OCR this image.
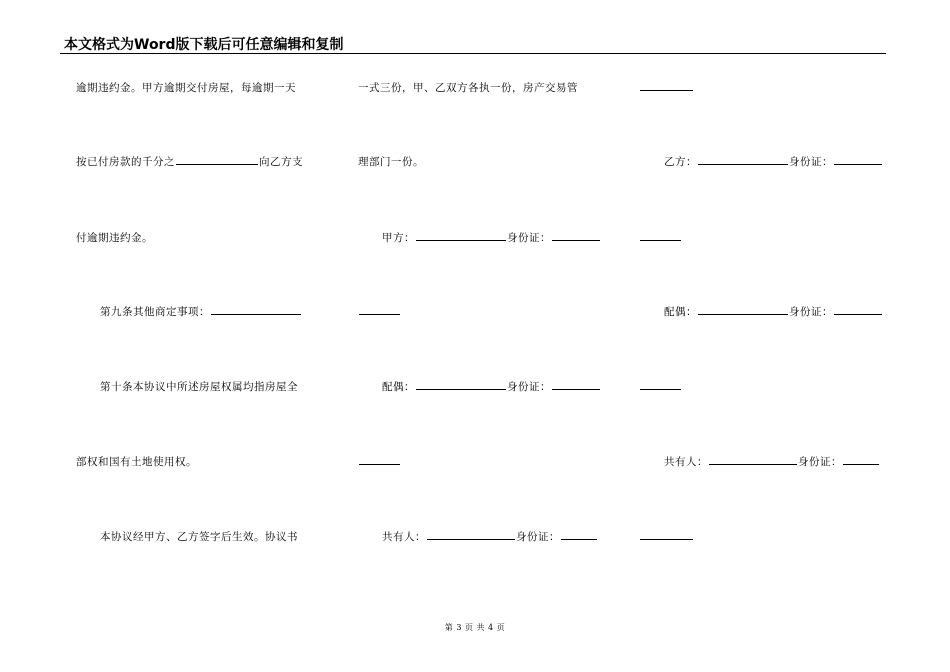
本文格式为Word版下载后可任意编辑和复制
逾期违约金。甲方逾期交付房屋，每逾期一天
按已付房款的千分之	向乙方支
付逾期违约金。
第九条其他商定事项：
第十条本协议中所述房屋权属均指房屋全
部权和国有土地使用权。
本协议经甲方、乙方签字后生效。协议书
一式三份，甲、乙双方各执一份，房产交易管
理部门一份。
甲方：	身份证：
配偶：	身份证：
共有人：	身份证：
乙方：	身份证：
配偶：	身份证：
共有人：	身份证：
第 3 页 共 4 页
